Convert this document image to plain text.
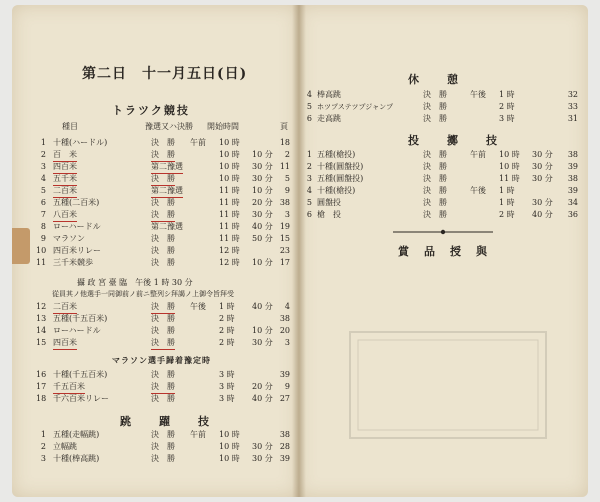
第二日　十一月五日(日)
トラツク競技
種目	豫選又ハ決勝 開始時間	頁
1 十種(ハードル)	決　勝 午前 10 時	18
2 百　米	決　勝	10 時 10 分	2
3 四百米	第二豫選	10 時 30 分 11
4 五千米	決　勝	10 時 30 分	5
5 二百米	第二豫選	11 時 10 分	9
6 五種(二百米)	決　勝	11 時 20 分 38
7 八百米	決　勝	11 時 30 分	3
8 ローハードル	第二豫選	11 時 40 分 19
9 マラソン	決　勝	11 時 50 分 15
10 四百米リレー	決　勝	12 時	23
11 三千米競歩	決　勝	12 時 10 分 17
攝 政 宮 臺 臨　午後 1 時 30 分
從員其ノ他選手一同御前ノ前ニ整列シ拜謁ノ上御令旨拜受
12 二百米	決　勝 午後 1 時 40 分	4
13 五種(千五百米)	決　勝	2 時	38
14 ローハードル	決　勝	2 時 10 分 20
15 四百米	決　勝	2 時 30 分	3
マラソン選手歸着豫定時
16 十種(千五百米)	決　勝	3 時	39
17 千五百米	決　勝	3 時 20 分	9
18 千六百米リレー	決　勝	3 時 40 分 27
跳　　躍　　技
1 五種(走幅跳)	決　勝 午前 10 時	38
2 立幅跳	決　勝	10 時 30 分 28
3 十種(棒高跳)	決　勝	10 時 30 分 39
休　　憩
4 棒高跳	決　勝	午後 1 時	32
5 ホツプステツプジャンプ	決　勝	2 時	33
6 走高跳	決　勝	3 時	31
投　　擲　　技
1 五種(槍投)	決　勝	午前 10 時 30 分	38
2 十種(圓盤投)	決　勝	10 時 30 分	39
3 五種(圓盤投)	決　勝	11 時 30 分	38
4 十種(槍投)	決　勝	午後 1 時	39
5 圓盤投	決　勝	1 時 30 分	34
6 槍　投	決　勝	2 時 40 分	36
賞　品　授　與
